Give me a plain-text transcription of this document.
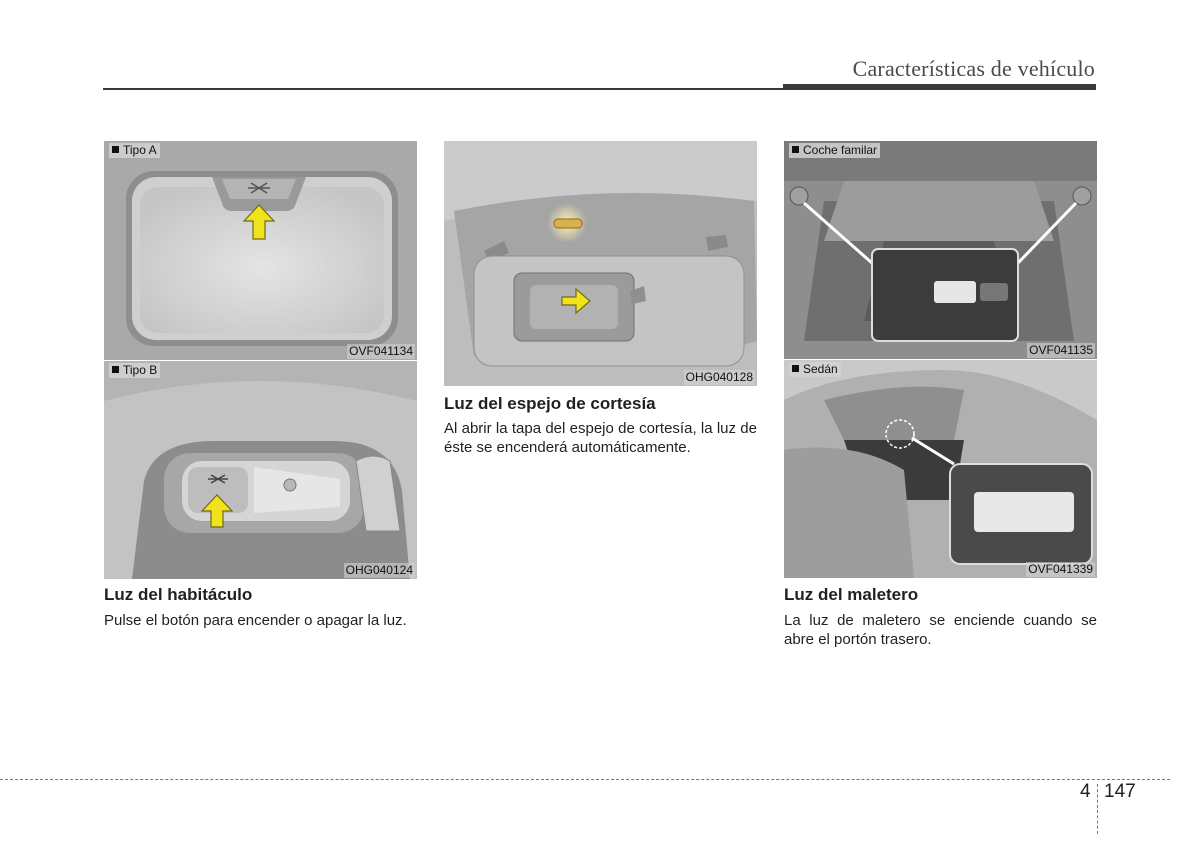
Características de vehículo
Tipo A
OVF041134
Tipo B
OHG040124
OHG040128
Coche familar
OVF041135
Sedán
OVF041339
Luz del habitáculo

Pulse el botón para encender o apagar la luz.

Luz del espejo de cortesía

Al abrir la tapa del espejo de cortesía, la luz de éste se encenderá automáticamente.

Luz del maletero

La luz de maletero se enciende cuando se abre el portón trasero.

4 147
